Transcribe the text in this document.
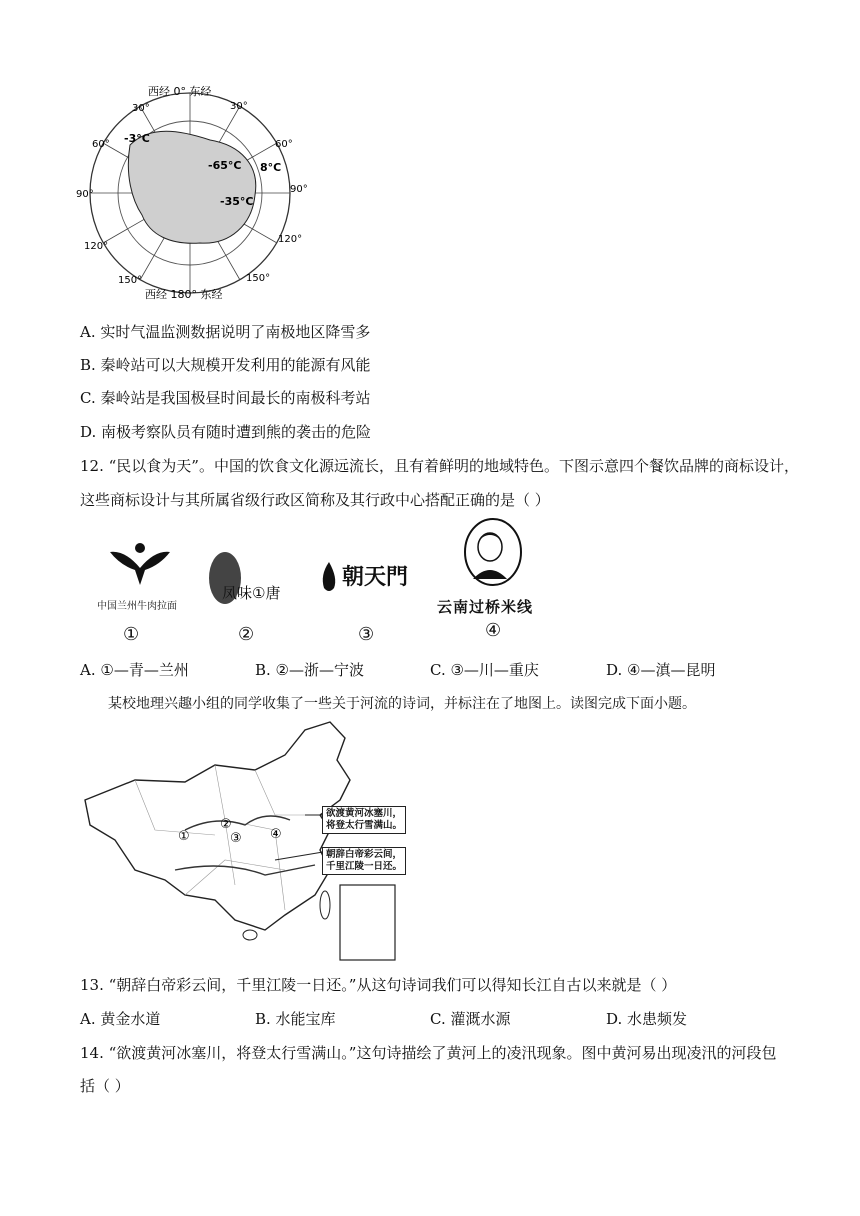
西经 0° 东经
西经 180° 东经
30°	30°
60°	60°
90°	90°
120°
120°
150°	150°
-3°C
-65°C 8°C
-35°C
A. 实时气温监测数据说明了南极地区降雪多
B. 秦岭站可以大规模开发利用的能源有风能
C. 秦岭站是我国极昼时间最长的南极科考站
D. 南极考察队员有随时遭到熊的袭击的危险
12. “民以食为天”。中国的饮食文化源远流长，且有着鲜明的地域特色。下图示意四个餐饮品牌的商标设计，
这些商标设计与其所属省级行政区简称及其行政中心搭配正确的是（ ）
中国兰州牛肉拉面
①
凤味①唐
②
朝天門
③
云南过桥米线
④
A. ①—青—兰州	B. ②—浙—宁波	C. ③—川—重庆	D. ④—滇—昆明
某校地理兴趣小组的同学收集了一些关于河流的诗词，并标注在了地图上。读图完成下面小题。
①
②
③ ④
欲渡黄河冰塞川，
将登太行雪满山。
朝辞白帝彩云间，
千里江陵一日还。
13. “朝辞白帝彩云间，千里江陵一日还。”从这句诗词我们可以得知长江自古以来就是（ ）
A. 黄金水道	B. 水能宝库	C. 灌溉水源	D. 水患频发
14. “欲渡黄河冰塞川，将登太行雪满山。”这句诗描绘了黄河上的凌汛现象。图中黄河易出现凌汛的河段包
括（ ）
